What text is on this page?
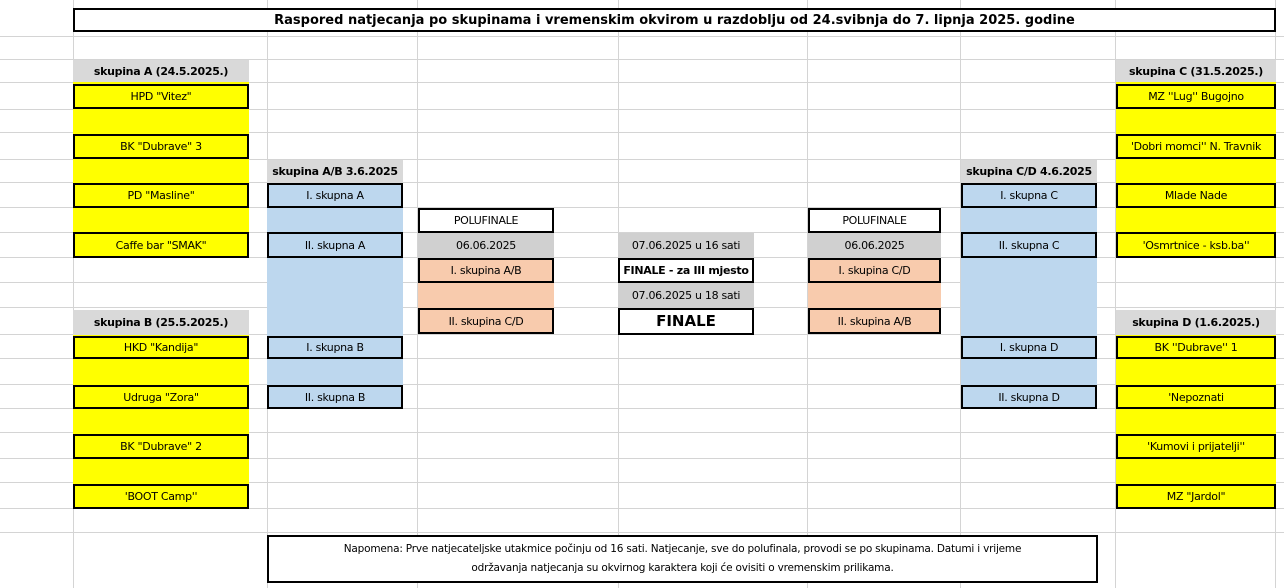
Raspored natjecanja po skupinama i vremenskim okvirom u razdoblju od 24.svibnja do 7. lipnja 2025. godine
skupina A (24.5.2025.)
HPD "Vitez"
BK "Dubrave" 3
PD "Masline"
Caffe bar "SMAK"
skupina B (25.5.2025.)
HKD "Kandija"
Udruga "Zora"
BK "Dubrave" 2
'BOOT Camp''
skupina A/B 3.6.2025
I. skupna A
II. skupna A
I. skupna B
II. skupna B
POLUFINALE
06.06.2025
I. skupina A/B
II. skupina C/D
07.06.2025 u 16 sati
FINALE - za III mjesto
07.06.2025 u 18 sati
FINALE
POLUFINALE
06.06.2025
I. skupina C/D
II. skupina A/B
skupina C/D 4.6.2025
I. skupna C
II. skupna C
I. skupna D
II. skupna D
skupina C (31.5.2025.)
MZ ''Lug'' Bugojno
'Dobri momci'' N. Travnik
Mlade Nade
'Osmrtnice - ksb.ba''
skupina D (1.6.2025.)
BK ''Dubrave'' 1
'Nepoznati
'Kumovi i prijatelji''
MZ "Jardol"
Napomena: Prve natjecateljske utakmice počinju od 16 sati. Natjecanje, sve do polufinala, provodi se po skupinama. Datumi i vrijeme
održavanja natjecanja su okvirnog karaktera koji će ovisiti o vremenskim prilikama.
